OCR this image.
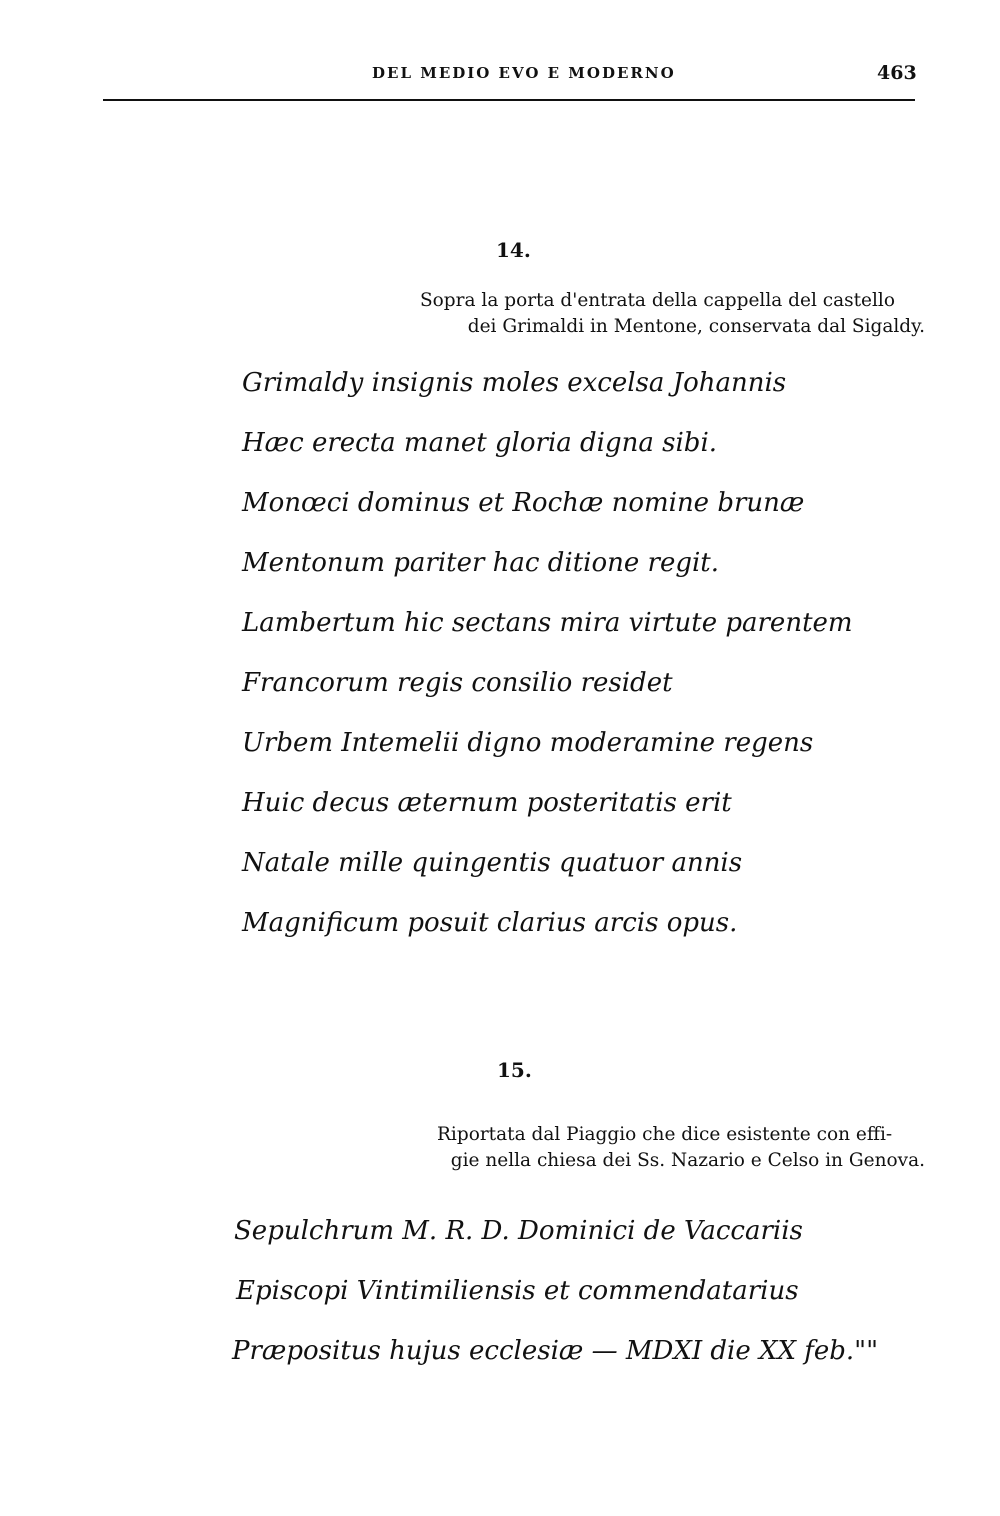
DEL MEDIO EVO E MODERNO	463
14.
Sopra la porta d'entrata della cappella del castello
dei Grimaldi in Mentone, conservata dal Sigaldy.
Grimaldy insignis moles excelsa Johannis
Hæc erecta manet gloria digna sibi.
Monœci dominus et Rochæ nomine brunæ
Mentonum pariter hac ditione regit.
Lambertum hic sectans mira virtute parentem
Francorum regis consilio residet
Urbem Intemelii digno moderamine regens
Huic decus æternum posteritatis erit
Natale mille quingentis quatuor annis
Magnificum posuit clarius arcis opus.
15.
Riportata dal Piaggio che dice esistente con effi-
gie nella chiesa dei Ss. Nazario e Celso in Genova.
Sepulchrum M. R. D. Dominici de Vaccariis
Episcopi Vintimiliensis et commendatarius
Præpositus hujus ecclesiæ — MDXI die XX feb.""
